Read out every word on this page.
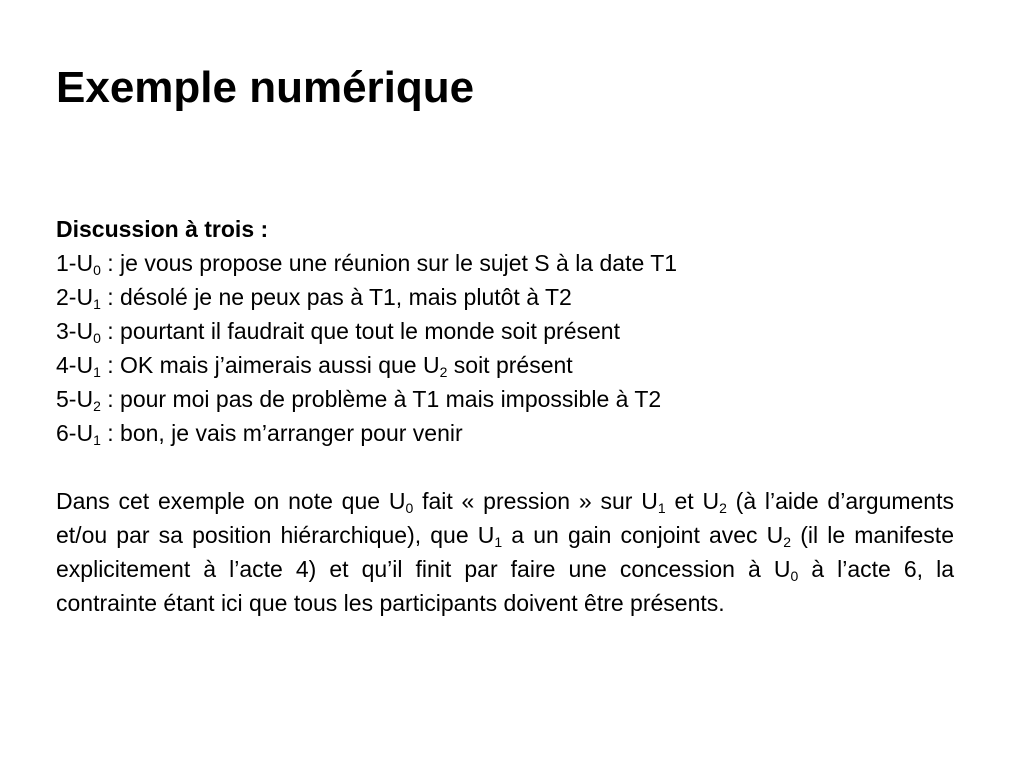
Exemple numérique
Discussion à trois :
$1-U_0$ : je vous propose une réunion sur le sujet S à la date T1
$2-U_1$ : désolé je ne peux pas à T1, mais plutôt à T2
$3-U_0$ : pourtant il faudrait que tout le monde soit présent
$4-U_1$ : OK mais j’aimerais aussi que $U_2$ soit présent
$5-U_2$ : pour moi pas de problème à T1 mais impossible à T2
$6-U_1$ : bon, je vais m’arranger pour venir

Dans cet exemple on note que $U_0$ fait « pression » sur $U_1$ et $U_2$ (à l’aide d’arguments et/ou par sa position hiérarchique), que $U_1$ a un gain conjoint avec $U_2$ (il le manifeste explicitement à l’acte 4) et qu’il finit par faire une concession à $U_0$ à l’acte 6, la contrainte étant ici que tous les participants doivent être présents.
